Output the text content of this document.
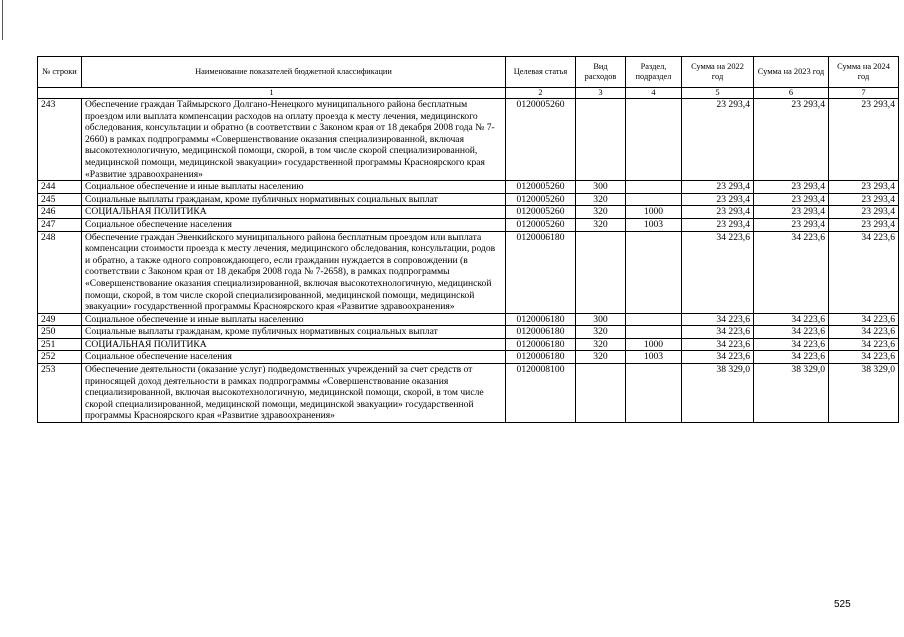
№ строки	Наименование показателей бюджетной классификации	Целевая статья	Вид расходов	Раздел, подраздел	Сумма на 2022 год	Сумма на 2023 год	Сумма на 2024 год
1		2	3	4	5	6	7
243	Обеспечение граждан Таймырского Долгано-Ненецкого муниципального района бесплатным проездом или выплата компенсации расходов на оплату проезда к месту лечения, медицинского обследования, консультации и обратно (в соответствии с Законом края от 18 декабря 2008 года № 7-2660) в рамках подпрограммы «Совершенствование оказания специализированной, включая высокотехнологичную, медицинской помощи, скорой, в том числе скорой специализированной, медицинской помощи, медицинской эвакуации» государственной программы Красноярского края «Развитие здравоохранения»	0120005260			23 293,4	23 293,4	23 293,4
244	Социальное обеспечение и иные выплаты населению	0120005260	300		23 293,4	23 293,4	23 293,4
245	Социальные выплаты гражданам, кроме публичных нормативных социальных выплат	0120005260	320		23 293,4	23 293,4	23 293,4
246	СОЦИАЛЬНАЯ ПОЛИТИКА	0120005260	320	1000	23 293,4	23 293,4	23 293,4
247	Социальное обеспечение населения	0120005260	320	1003	23 293,4	23 293,4	23 293,4
248	Обеспечение граждан Эвенкийского муниципального района бесплатным проездом или выплата компенсации стоимости проезда к месту лечения, медицинского обследования, консультации, родов и обратно, а также одного сопровождающего, если гражданин нуждается в сопровождении (в соответствии с Законом края от 18 декабря 2008 года № 7-2658), в рамках подпрограммы «Совершенствование оказания специализированной, включая высокотехнологичную, медицинской помощи, скорой, в том числе скорой специализированной, медицинской помощи, медицинской эвакуации» государственной программы Красноярского края «Развитие здравоохранения»	0120006180			34 223,6	34 223,6	34 223,6
249	Социальное обеспечение и иные выплаты населению	0120006180	300		34 223,6	34 223,6	34 223,6
250	Социальные выплаты гражданам, кроме публичных нормативных социальных выплат	0120006180	320		34 223,6	34 223,6	34 223,6
251	СОЦИАЛЬНАЯ ПОЛИТИКА	0120006180	320	1000	34 223,6	34 223,6	34 223,6
252	Социальное обеспечение населения	0120006180	320	1003	34 223,6	34 223,6	34 223,6
253	Обеспечение деятельности (оказание услуг) подведомственных учреждений за счет средств от приносящей доход деятельности в рамках подпрограммы «Совершенствование оказания специализированной, включая высокотехнологичную, медицинской помощи, скорой, в том числе скорой специализированной, медицинской помощи, медицинской эвакуации» государственной программы Красноярского края «Развитие здравоохранения»	0120008100			38 329,0	38 329,0	38 329,0
525
